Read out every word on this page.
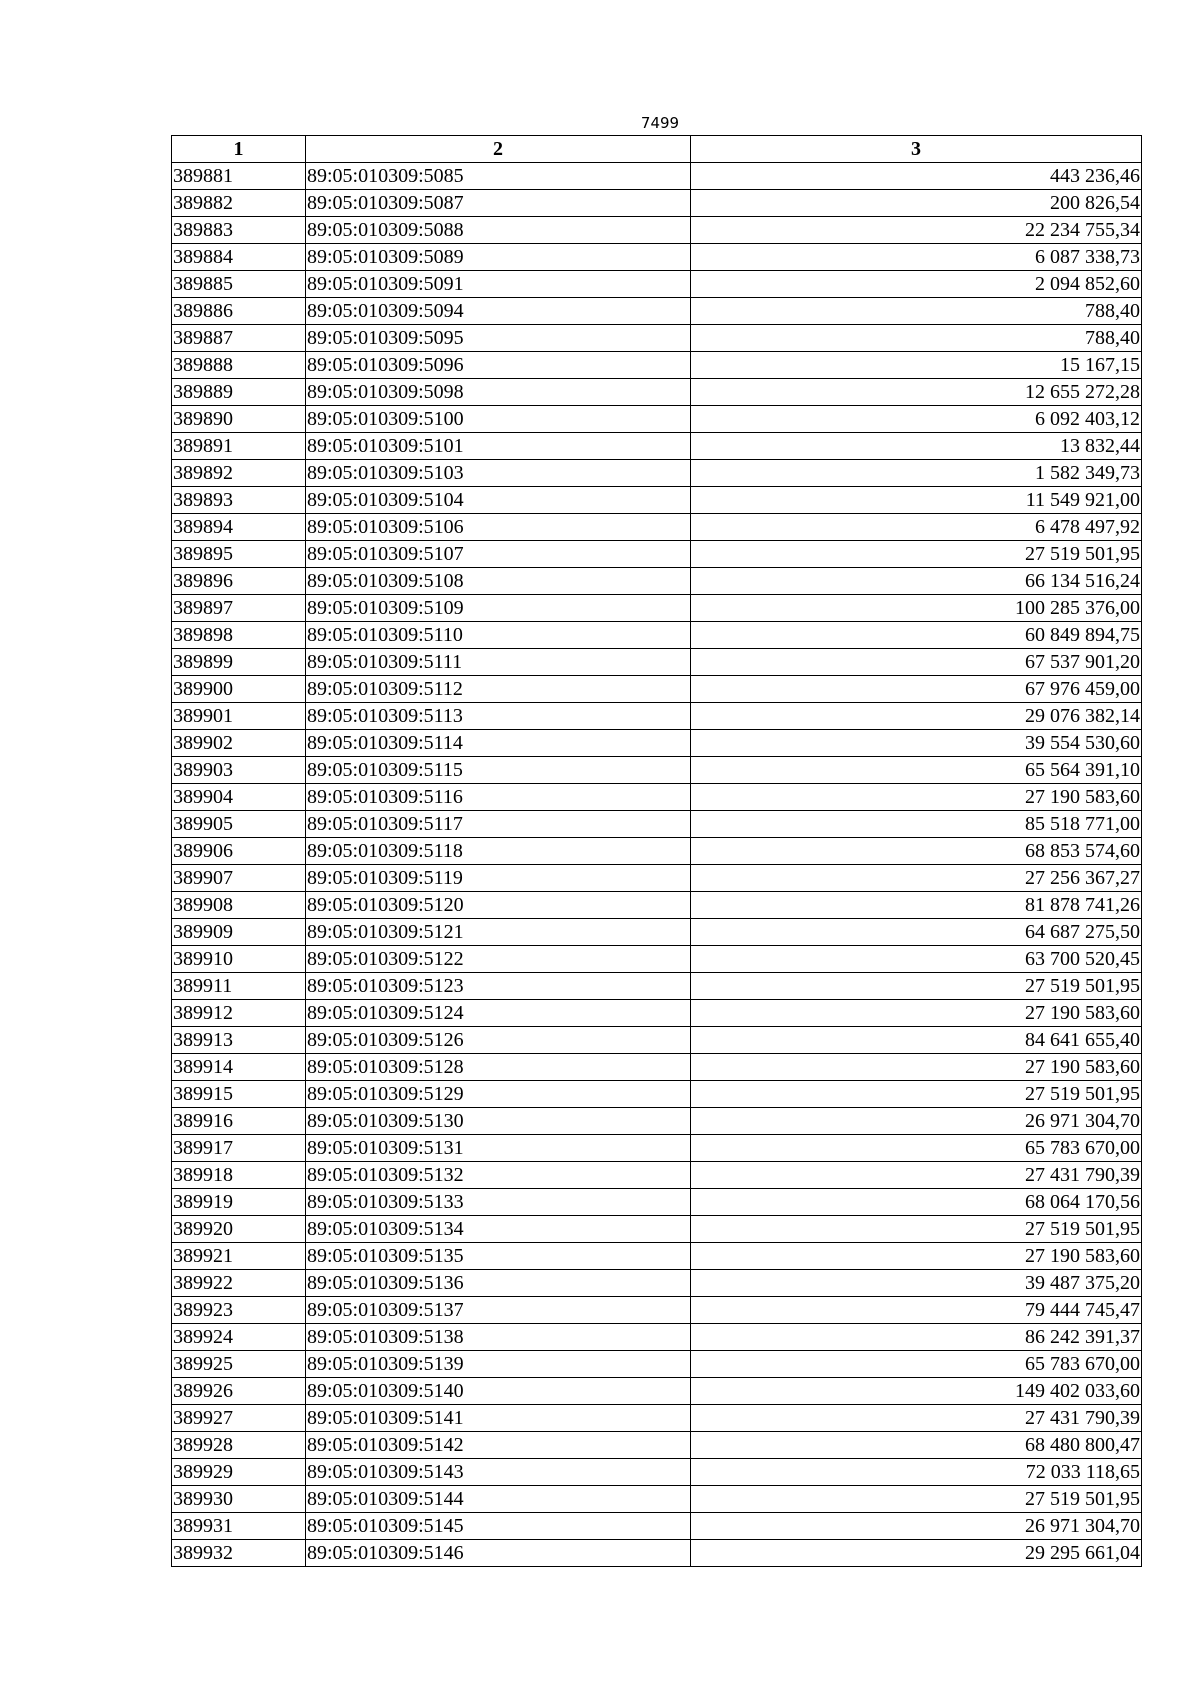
7499
1	2	3
389881	89:05:010309:5085	443 236,46
389882	89:05:010309:5087	200 826,54
389883	89:05:010309:5088	22 234 755,34
389884	89:05:010309:5089	6 087 338,73
389885	89:05:010309:5091	2 094 852,60
389886	89:05:010309:5094	788,40
389887	89:05:010309:5095	788,40
389888	89:05:010309:5096	15 167,15
389889	89:05:010309:5098	12 655 272,28
389890	89:05:010309:5100	6 092 403,12
389891	89:05:010309:5101	13 832,44
389892	89:05:010309:5103	1 582 349,73
389893	89:05:010309:5104	11 549 921,00
389894	89:05:010309:5106	6 478 497,92
389895	89:05:010309:5107	27 519 501,95
389896	89:05:010309:5108	66 134 516,24
389897	89:05:010309:5109	100 285 376,00
389898	89:05:010309:5110	60 849 894,75
389899	89:05:010309:5111	67 537 901,20
389900	89:05:010309:5112	67 976 459,00
389901	89:05:010309:5113	29 076 382,14
389902	89:05:010309:5114	39 554 530,60
389903	89:05:010309:5115	65 564 391,10
389904	89:05:010309:5116	27 190 583,60
389905	89:05:010309:5117	85 518 771,00
389906	89:05:010309:5118	68 853 574,60
389907	89:05:010309:5119	27 256 367,27
389908	89:05:010309:5120	81 878 741,26
389909	89:05:010309:5121	64 687 275,50
389910	89:05:010309:5122	63 700 520,45
389911	89:05:010309:5123	27 519 501,95
389912	89:05:010309:5124	27 190 583,60
389913	89:05:010309:5126	84 641 655,40
389914	89:05:010309:5128	27 190 583,60
389915	89:05:010309:5129	27 519 501,95
389916	89:05:010309:5130	26 971 304,70
389917	89:05:010309:5131	65 783 670,00
389918	89:05:010309:5132	27 431 790,39
389919	89:05:010309:5133	68 064 170,56
389920	89:05:010309:5134	27 519 501,95
389921	89:05:010309:5135	27 190 583,60
389922	89:05:010309:5136	39 487 375,20
389923	89:05:010309:5137	79 444 745,47
389924	89:05:010309:5138	86 242 391,37
389925	89:05:010309:5139	65 783 670,00
389926	89:05:010309:5140	149 402 033,60
389927	89:05:010309:5141	27 431 790,39
389928	89:05:010309:5142	68 480 800,47
389929	89:05:010309:5143	72 033 118,65
389930	89:05:010309:5144	27 519 501,95
389931	89:05:010309:5145	26 971 304,70
389932	89:05:010309:5146	29 295 661,04
